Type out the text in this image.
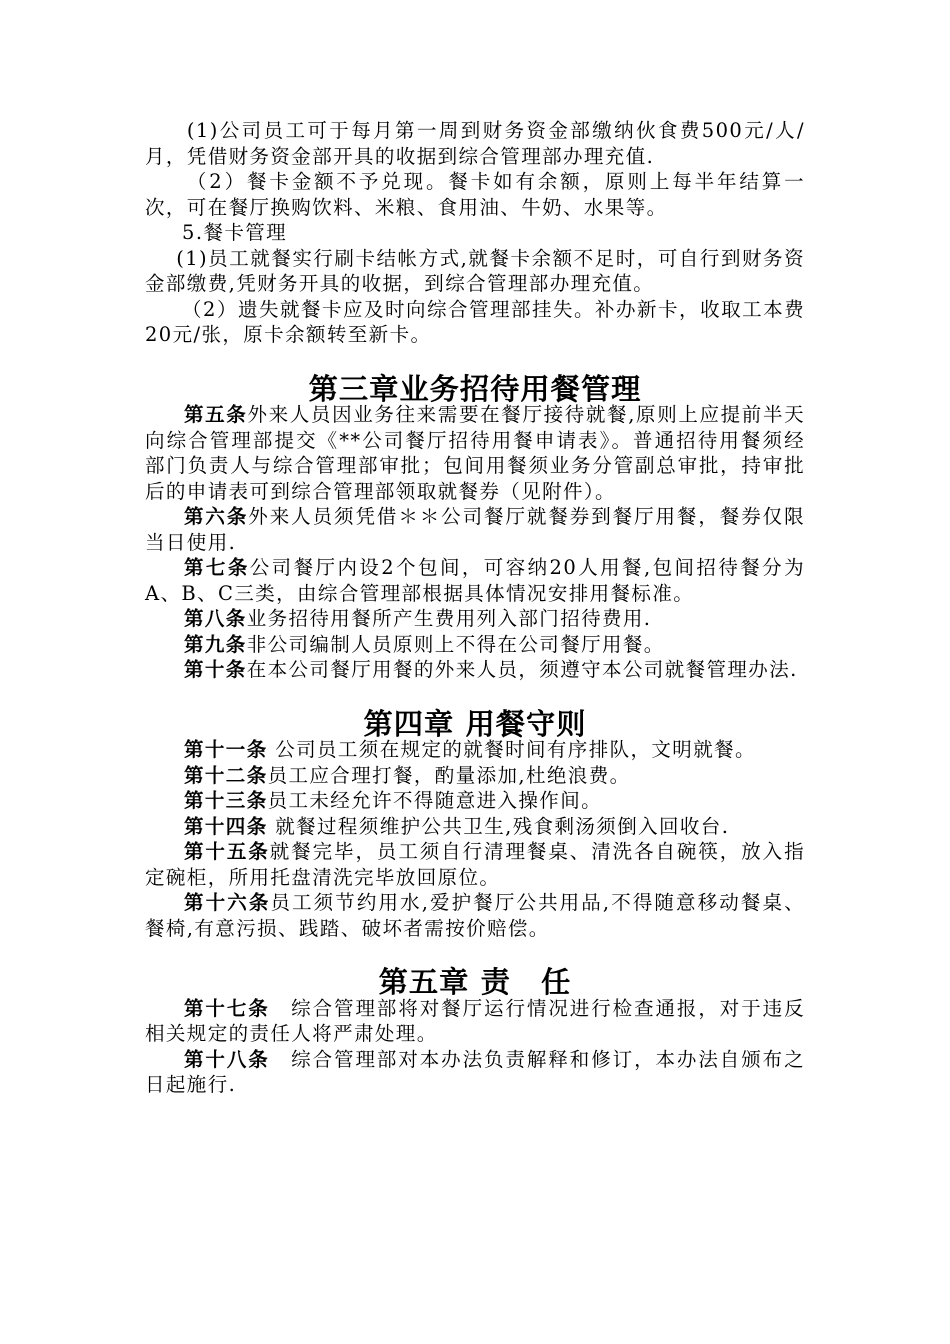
(1)公司员工可于每月第一周到财务资金部缴纳伙食费500元/人/月，凭借财务资金部开具的收据到综合管理部办理充值.

（2）餐卡金额不予兑现。餐卡如有余额，原则上每半年结算一次，可在餐厅换购饮料、米粮、食用油、牛奶、水果等。

5.餐卡管理

(1)员工就餐实行刷卡结帐方式,就餐卡余额不足时，可自行到财务资金部缴费,凭财务开具的收据，到综合管理部办理充值。

（2）遗失就餐卡应及时向综合管理部挂失。补办新卡，收取工本费20元/张，原卡余额转至新卡。

第三章业务招待用餐管理

第五条外来人员因业务往来需要在餐厅接待就餐,原则上应提前半天向综合管理部提交《**公司餐厅招待用餐申请表》。普通招待用餐须经部门负责人与综合管理部审批；包间用餐须业务分管副总审批，持审批后的申请表可到综合管理部领取就餐券（见附件）。

第六条外来人员须凭借＊＊公司餐厅就餐券到餐厅用餐，餐券仅限当日使用.

第七条公司餐厅内设2个包间，可容纳20人用餐,包间招待餐分为A、B、C三类，由综合管理部根据具体情况安排用餐标准。

第八条业务招待用餐所产生费用列入部门招待费用.

第九条非公司编制人员原则上不得在公司餐厅用餐。

第十条在本公司餐厅用餐的外来人员，须遵守本公司就餐管理办法.

第四章 用餐守则

第十一条 公司员工须在规定的就餐时间有序排队，文明就餐。

第十二条员工应合理打餐，酌量添加,杜绝浪费。

第十三条员工未经允许不得随意进入操作间。

第十四条 就餐过程须维护公共卫生,残食剩汤须倒入回收台.

第十五条就餐完毕，员工须自行清理餐桌、清洗各自碗筷，放入指定碗柜，所用托盘清洗完毕放回原位。

第十六条员工须节约用水,爱护餐厅公共用品,不得随意移动餐桌、餐椅,有意污损、践踏、破坏者需按价赔偿。

第五章 责　任

第十七条　综合管理部将对餐厅运行情况进行检查通报，对于违反相关规定的责任人将严肃处理。

第十八条　综合管理部对本办法负责解释和修订，本办法自颁布之日起施行.
